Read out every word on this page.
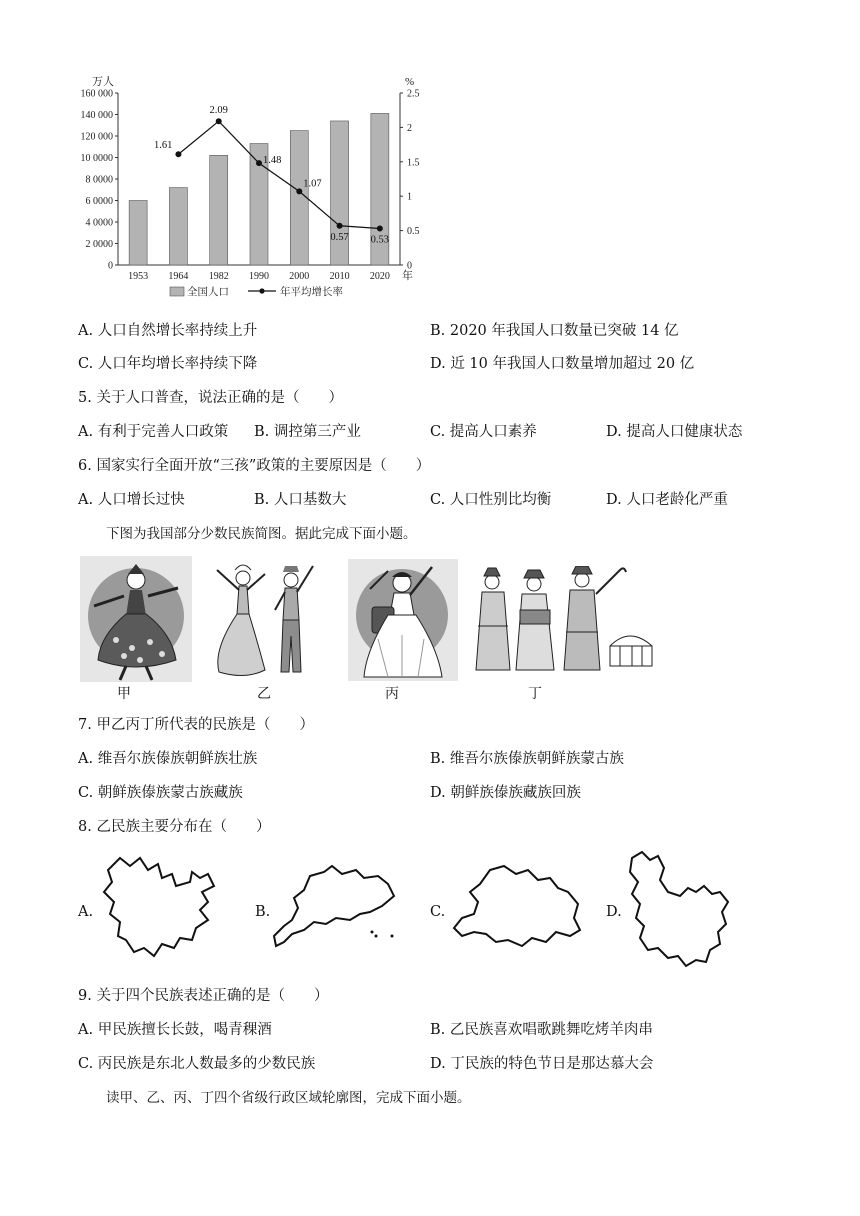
0
2 0000
4 0000
6 0000
8 0000
10 0000
120 000
140 000
160 000
0
0.5
1
1.5
2
2.5
万人	%
1953 1964 1982 1990 2000 2010 2020 年
1.61
2.09
1.48
1.07
0.57 0.53
全国人口	年平均增长率
A. 人口自然增长率持续上升	B. 2020 年我国人口数量已突破 14 亿
C. 人口年均增长率持续下降	D. 近 10 年我国人口数量增加超过 20 亿
5. 关于人口普查，说法正确的是（　　）
A. 有利于完善人口政策 B. 调控第三产业	C. 提高人口素养	D. 提高人口健康状态
6. 国家实行全面开放“三孩”政策的主要原因是（　　）
A. 人口增长过快	B. 人口基数大	C. 人口性别比均衡	D. 人口老龄化严重
下图为我国部分少数民族简图。据此完成下面小题。
甲	乙	丙	丁
7. 甲乙丙丁所代表的民族是（　　）
A. 维吾尔族傣族朝鲜族壮族	B. 维吾尔族傣族朝鲜族蒙古族
C. 朝鲜族傣族蒙古族藏族	D. 朝鲜族傣族藏族回族
8. 乙民族主要分布在（　　）
A.	B.	C.	D.
9. 关于四个民族表述正确的是（　　）
A. 甲民族擅长长鼓，喝青稞酒	B. 乙民族喜欢唱歌跳舞吃烤羊肉串
C. 丙民族是东北人数最多的少数民族	D. 丁民族的特色节日是那达慕大会
读甲、乙、丙、丁四个省级行政区域轮廓图，完成下面小题。
